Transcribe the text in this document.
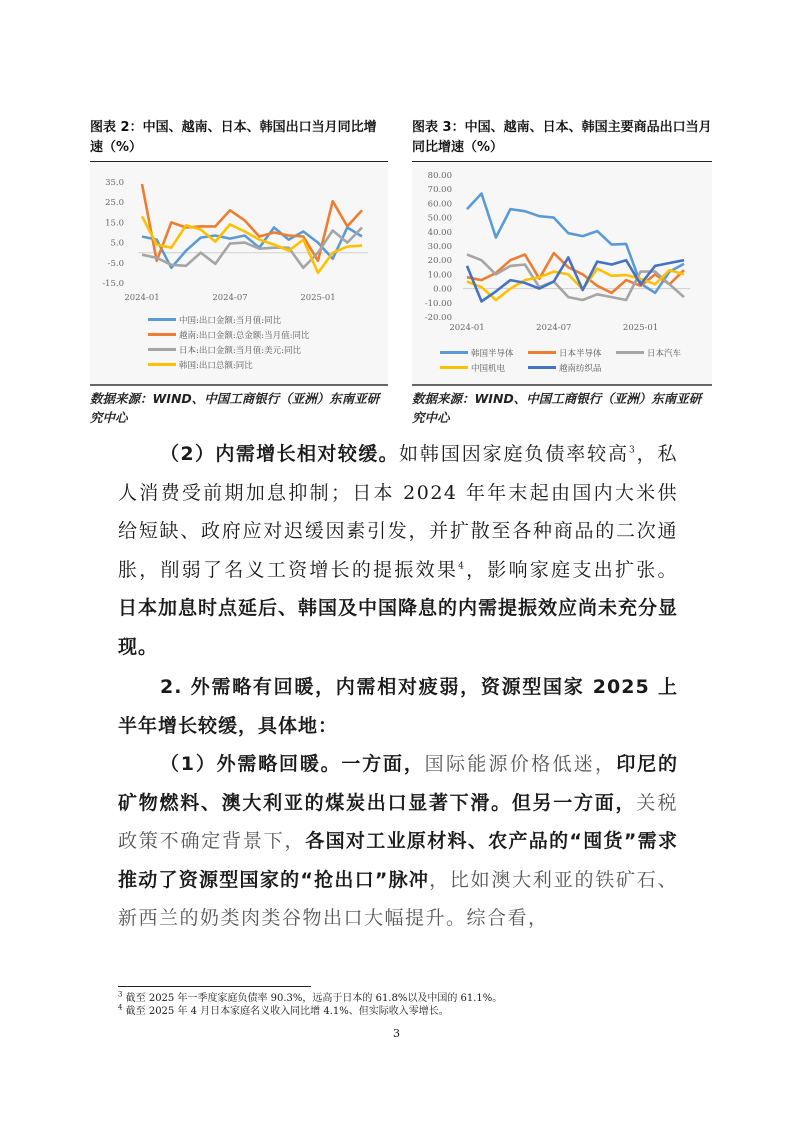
图表 2：中国、越南、日本、韩国出口当月同比增速（%）
35.0
25.0
15.0
5.0
-5.0
-15.0
2024-01	2024-07	2025-01
中国:出口金额:当月值:同比
越南:出口金额:总金额:当月值:同比
日本:出口金额:当月值:美元:同比
韩国:出口总额:同比
数据来源：WIND、中国工商银行（亚洲）东南亚研究中心
图表 3：中国、越南、日本、韩国主要商品出口当月同比增速（%）
80.00
70.00
60.00
50.00
40.00
30.00
20.00
10.00
0.00
-10.00
-20.00
2024-01	2024-07	2025-01
韩国半导体	日本半导体	日本汽车
中国机电	越南纺织品
数据来源：WIND、中国工商银行（亚洲）东南亚研究中心

（2）内需增长相对较缓。如韩国因家庭负债率较高$^3$，私人消费受前期加息抑制；日本 2024 年年末起由国内大米供给短缺、政府应对迟缓因素引发，并扩散至各种商品的二次通胀，削弱了名义工资增长的提振效果$^4$，影响家庭支出扩张。日本加息时点延后、韩国及中国降息的内需提振效应尚未充分显现。

2. 外需略有回暖，内需相对疲弱，资源型国家 2025 上半年增长较缓，具体地：

（1）外需略回暖。一方面，国际能源价格低迷，印尼的矿物燃料、澳大利亚的煤炭出口显著下滑。但另一方面，关税政策不确定背景下，各国对工业原材料、农产品的“囤货”需求推动了资源型国家的“抢出口”脉冲，比如澳大利亚的铁矿石、新西兰的奶类肉类谷物出口大幅提升。综合看，

$^3$ 截至 2025 年一季度家庭负债率 90.3%，远高于日本的 61.8%以及中国的 61.1%。
$^4$ 截至 2025 年 4 月日本家庭名义收入同比增 4.1%、但实际收入零增长。
3
